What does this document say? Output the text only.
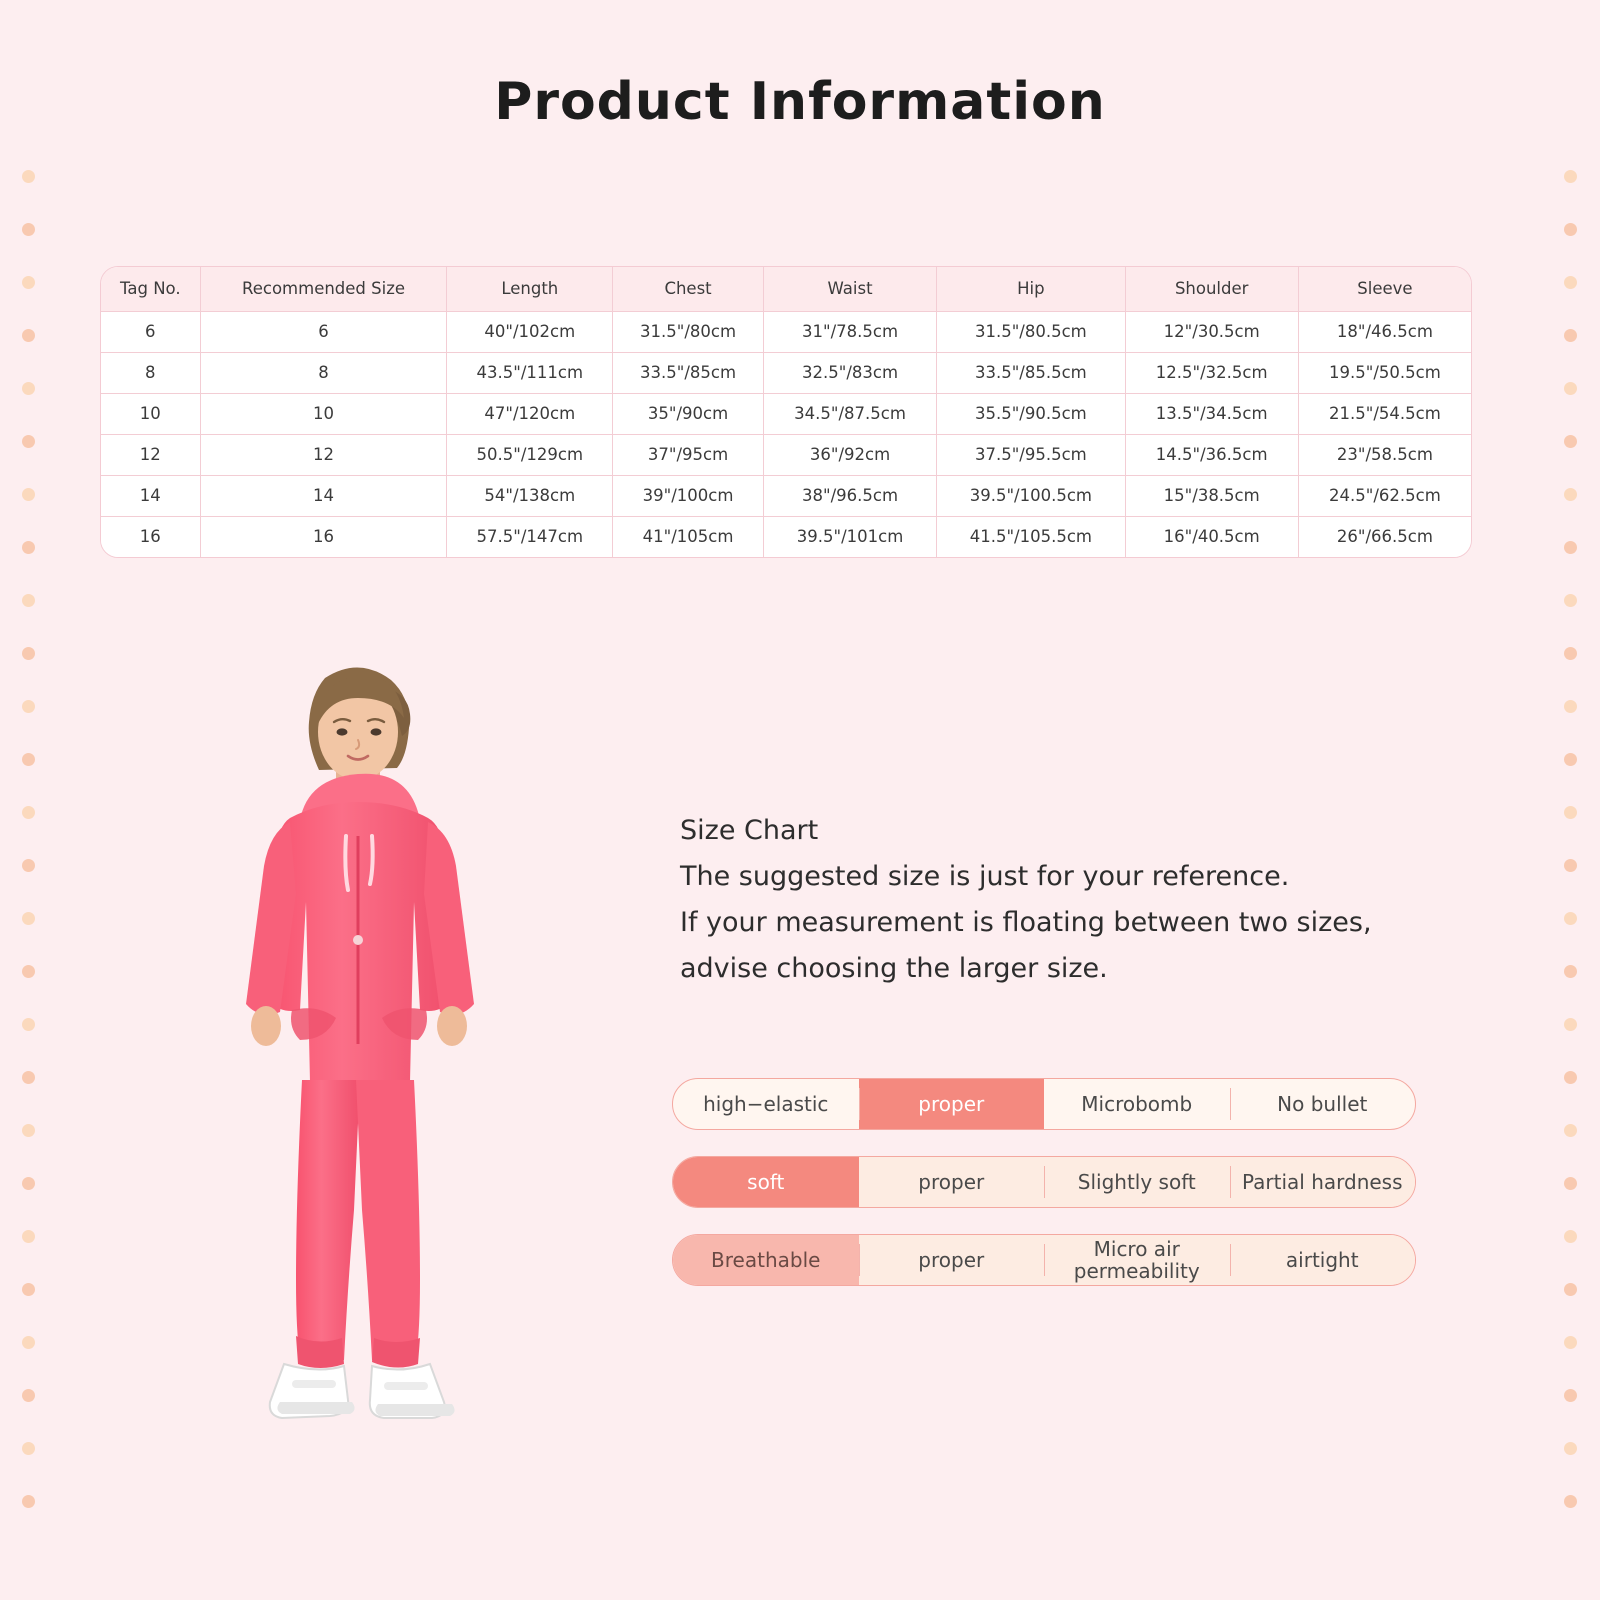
Product Information
Tag No.	Recommended Size	Length	Chest	Waist	Hip	Shoulder	Sleeve
6	6	40"/102cm	31.5"/80cm	31"/78.5cm	31.5"/80.5cm	12"/30.5cm	18"/46.5cm
8	8	43.5"/111cm	33.5"/85cm	32.5"/83cm	33.5"/85.5cm	12.5"/32.5cm	19.5"/50.5cm
10	10	47"/120cm	35"/90cm	34.5"/87.5cm	35.5"/90.5cm	13.5"/34.5cm	21.5"/54.5cm
12	12	50.5"/129cm	37"/95cm	36"/92cm	37.5"/95.5cm	14.5"/36.5cm	23"/58.5cm
14	14	54"/138cm	39"/100cm	38"/96.5cm	39.5"/100.5cm	15"/38.5cm	24.5"/62.5cm
16	16	57.5"/147cm	41"/105cm	39.5"/101cm	41.5"/105.5cm	16"/40.5cm	26"/66.5cm
Size Chart
The suggested size is just for your reference.
If your measurement is floating between two sizes,
advise choosing the larger size.
high−elastic	proper	Microbomb	No bullet
soft	proper	Slightly soft	Partial hardness
Breathable	proper	Micro air permeability	airtight
